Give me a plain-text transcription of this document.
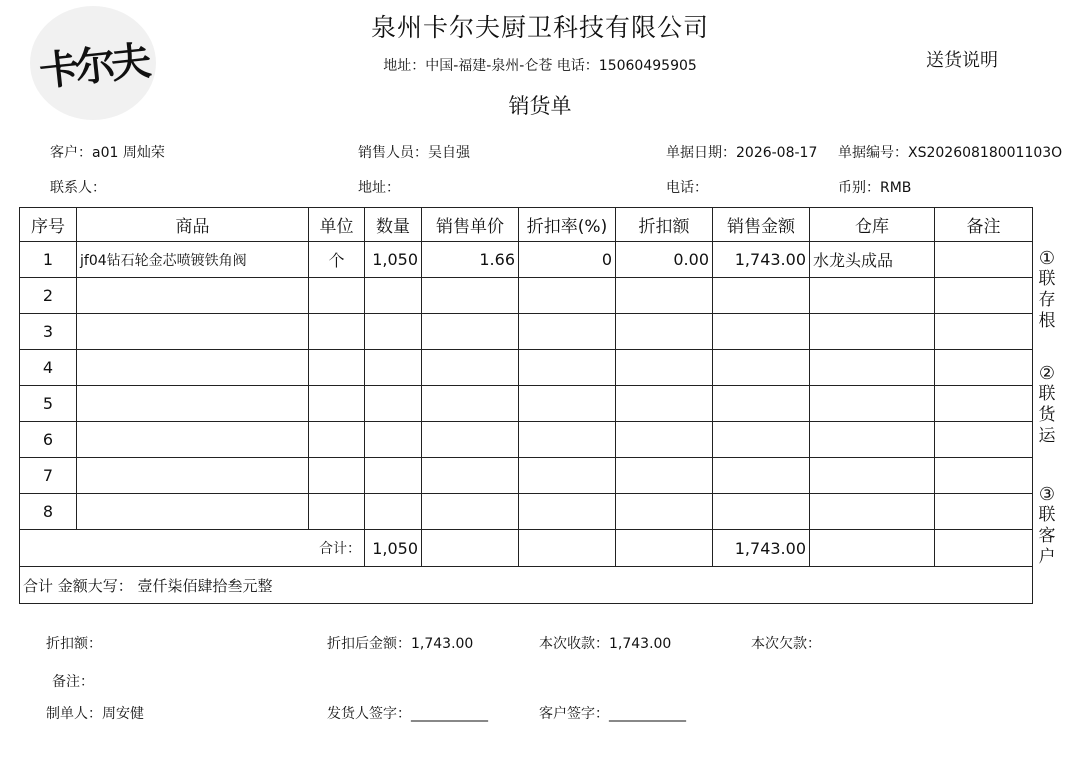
卡尔夫
泉州卡尔夫厨卫科技有限公司
地址：中国-福建-泉州-仑苍 电话：15060495905
销货单
送货说明
客户：a01 周灿荣	销售人员：吴自强	单据日期：2026-08-17 单据编号：XS20260818001103O
联系人：	地址：	电话：	币别：RMB
序号	商品	单位	数量	销售单价	折扣率(%)	折扣额	销售金额	仓库	备注
1	jf04钻石轮金芯喷镀铁角阀	个	1,050	1.66	0	0.00	1,743.00	水龙头成品	
2									
3									
4									
5									
6									
7									
8									
合计：			1,050				1,743.00		
合计 金额大写： 壹仟柒佰肆拾叁元整									
①
联
存
根
②
联
货
运
③
联
客
户
折扣额：	折扣后金额：1,743.00	本次收款：1,743.00	本次欠款：
备注：
制单人：周安健	发货人签字：___________	客户签字：___________
